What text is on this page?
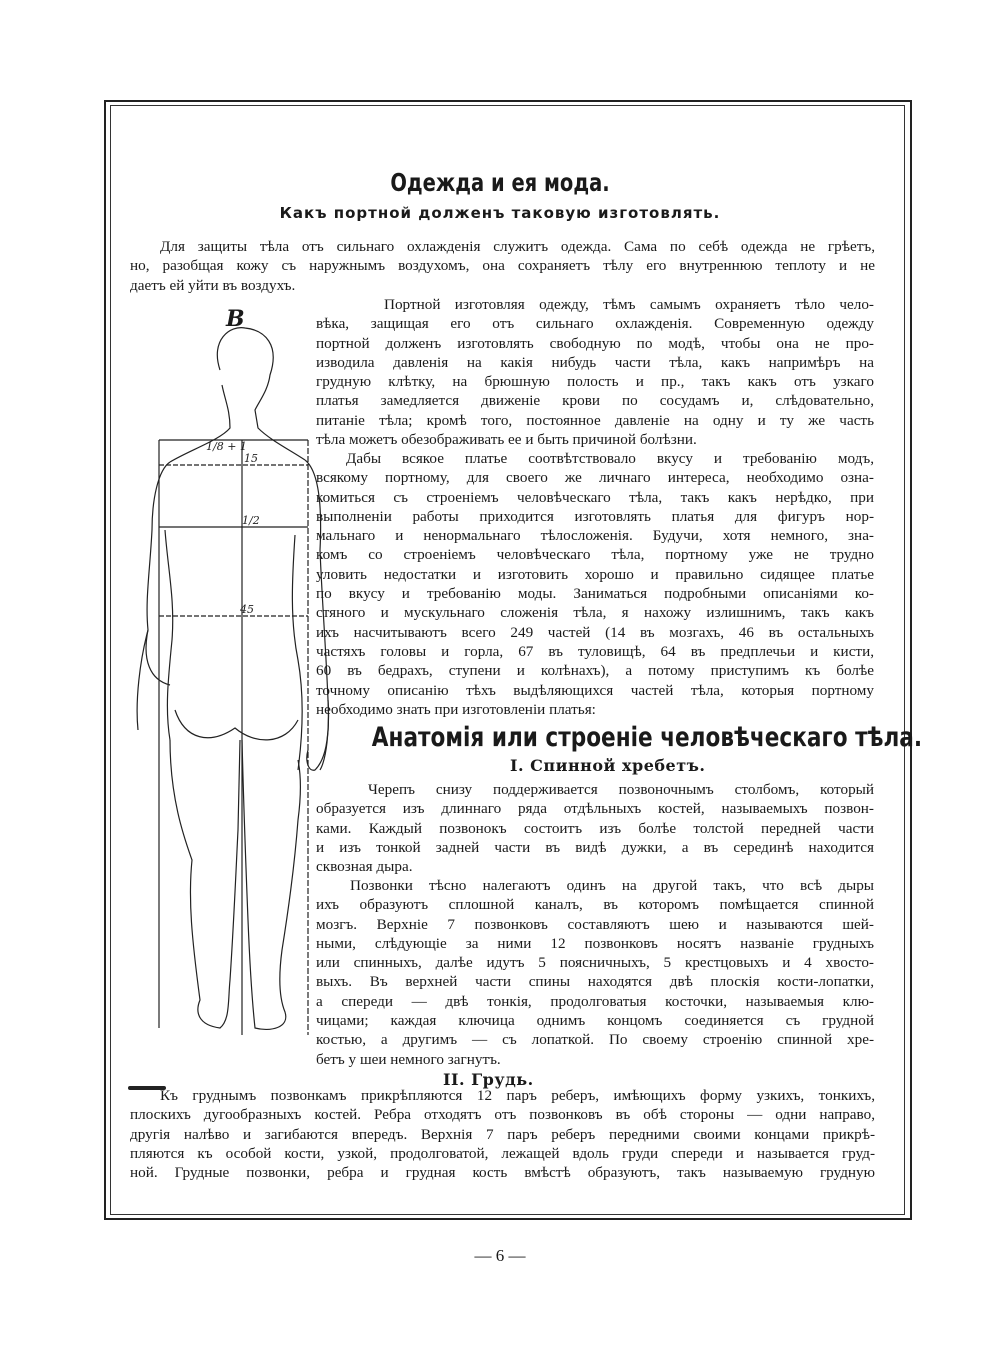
Одежда и ея мода.
Какъ портной долженъ таковую изготовлять.
Для защиты тѣла отъ сильнаго охлажденія служитъ одежда. Сама по себѣ одежда не грѣетъ,
но, разобщая кожу съ наружнымъ воздухомъ, она сохраняетъ тѣлу его внутреннюю теплоту и не
даетъ ей уйти въ воздухъ.
B
1/8 + 1
15
1/2
45
Портной изготовляя одежду, тѣмъ самымъ охраняетъ тѣло чело-
вѣка, защищая его отъ сильнаго охлажденія. Современную одежду
портной долженъ изготовлять свободную по модѣ, чтобы она не про-
изводила давленія на какія нибудь части тѣла, какъ напримѣръ на
грудную клѣтку, на брюшную полость и пр., такъ какъ отъ узкаго
платья замедляется движеніе крови по сосудамъ и, слѣдовательно,
питаніе тѣла; кромѣ того, постоянное давленіе на одну и ту же часть
тѣла можетъ обезображивать ее и быть причиной болѣзни.
Дабы всякое платье соотвѣтствовало вкусу и требованію модъ,
всякому портному, для своего же личнаго интереса, необходимо озна-
комиться съ строеніемъ человѣческаго тѣла, такъ какъ нерѣдко, при
выполненіи работы приходится изготовлять платья для фигуръ нор-
мальнаго и ненормальнаго тѣлосложенія. Будучи, хотя немного, зна-
комъ со строеніемъ человѣческаго тѣла, портному уже не трудно
уловить недостатки и изготовить хорошо и правильно сидящее платье
по вкусу и требованію моды. Заниматься подробными описаніями ко-
стяного и мускульнаго сложенія тѣла, я нахожу излишнимъ, такъ какъ
ихъ насчитываютъ всего 249 частей (14 въ мозгахъ, 46 въ остальныхъ
частяхъ головы и горла, 67 въ туловищѣ, 64 въ предплечьи и кисти,
60 въ бедрахъ, ступени и колѣнахъ), а потому приступимъ къ болѣе
точному описанію тѣхъ выдѣляющихся частей тѣла, которыя портному
необходимо знать при изготовленіи платья:
Анатомія или строеніе человѣческаго тѣла.
I. Спинной хребетъ.
Черепъ снизу поддерживается позвоночнымъ столбомъ, который
образуется изъ длиннаго ряда отдѣльныхъ костей, называемыхъ позвон-
ками. Каждый позвонокъ состоитъ изъ болѣе толстой передней части
и изъ тонкой задней части въ видѣ дужки, а въ серединѣ находится
сквозная дыра.
Позвонки тѣсно налегаютъ одинъ на другой такъ, что всѣ дыры
ихъ образуютъ сплошной каналъ, въ которомъ помѣщается спинной
мозгъ. Верхніе 7 позвонковъ составляютъ шею и называются шей-
ными, слѣдующіе за ними 12 позвонковъ носятъ названіе грудныхъ
или спинныхъ, далѣе идутъ 5 поясничныхъ, 5 крестцовыхъ и 4 хвосто-
выхъ. Въ верхней части спины находятся двѣ плоскія кости-лопатки,
а спереди — двѣ тонкія, продолговатыя косточки, называемыя клю-
чицами; каждая ключица однимъ концомъ соединяется съ грудной
костью, а другимъ — съ лопаткой. По своему строенію спинной хре-
бетъ у шеи немного загнутъ.
II. Грудь.
Къ груднымъ позвонкамъ прикрѣпляются 12 паръ реберъ, имѣющихъ форму узкихъ, тонкихъ,
плоскихъ дугообразныхъ костей. Ребра отходятъ отъ позвонковъ въ обѣ стороны — одни направо,
другія налѣво и загибаются впередъ. Верхнія 7 паръ реберъ передними своими концами прикрѣ-
пляются къ особой кости, узкой, продолговатой, лежащей вдоль груди спереди и называется груд-
ной. Грудные позвонки, ребра и грудная кость вмѣстѣ образуютъ, такъ называемую грудную
— 6 —
